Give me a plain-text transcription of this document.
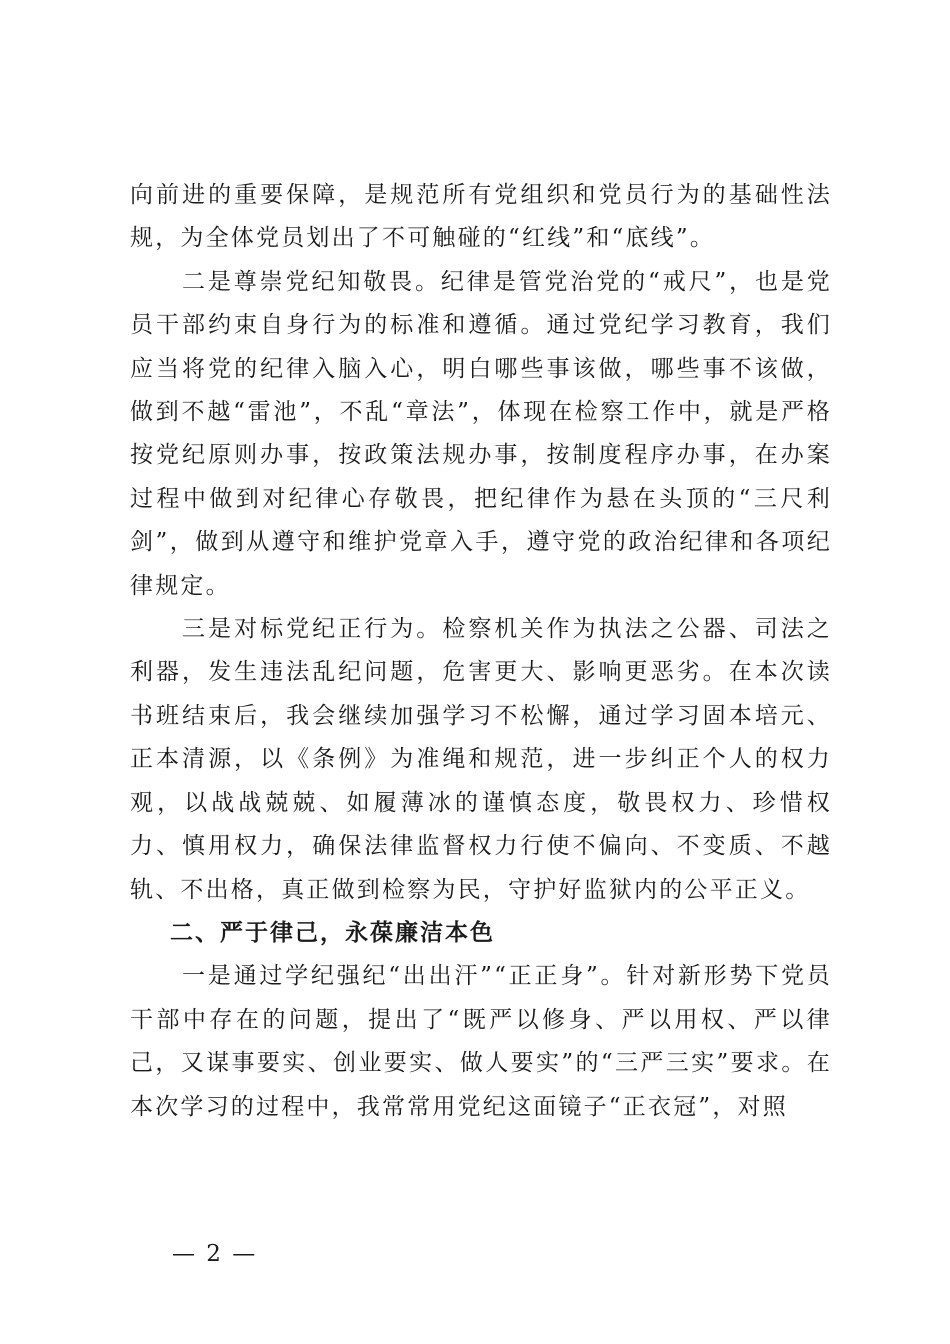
向前进的重要保障，是规范所有党组织和党员行为的基础性法规，为全体党员划出了不可触碰的“红线”和“底线”。

二是尊崇党纪知敬畏。纪律是管党治党的“戒尺”，也是党员干部约束自身行为的标准和遵循。通过党纪学习教育，我们应当将党的纪律入脑入心，明白哪些事该做，哪些事不该做，做到不越“雷池”，不乱“章法”，体现在检察工作中，就是严格按党纪原则办事，按政策法规办事，按制度程序办事，在办案过程中做到对纪律心存敬畏，把纪律作为悬在头顶的“三尺利剑”，做到从遵守和维护党章入手，遵守党的政治纪律和各项纪律规定。

三是对标党纪正行为。检察机关作为执法之公器、司法之利器，发生违法乱纪问题，危害更大、影响更恶劣。在本次读书班结束后，我会继续加强学习不松懈，通过学习固本培元、正本清源，以《条例》为准绳和规范，进一步纠正个人的权力观，以战战兢兢、如履薄冰的谨慎态度，敬畏权力、珍惜权力、慎用权力，确保法律监督权力行使不偏向、不变质、不越轨、不出格，真正做到检察为民，守护好监狱内的公平正义。

二、严于律己，永葆廉洁本色

一是通过学纪强纪“出出汗”“正正身”。针对新形势下党员干部中存在的问题，提出了“既严以修身、严以用权、严以律己，又谋事要实、创业要实、做人要实”的“三严三实”要求。在本次学习的过程中，我常常用党纪这面镜子“正衣冠”，对照

— 2 —
